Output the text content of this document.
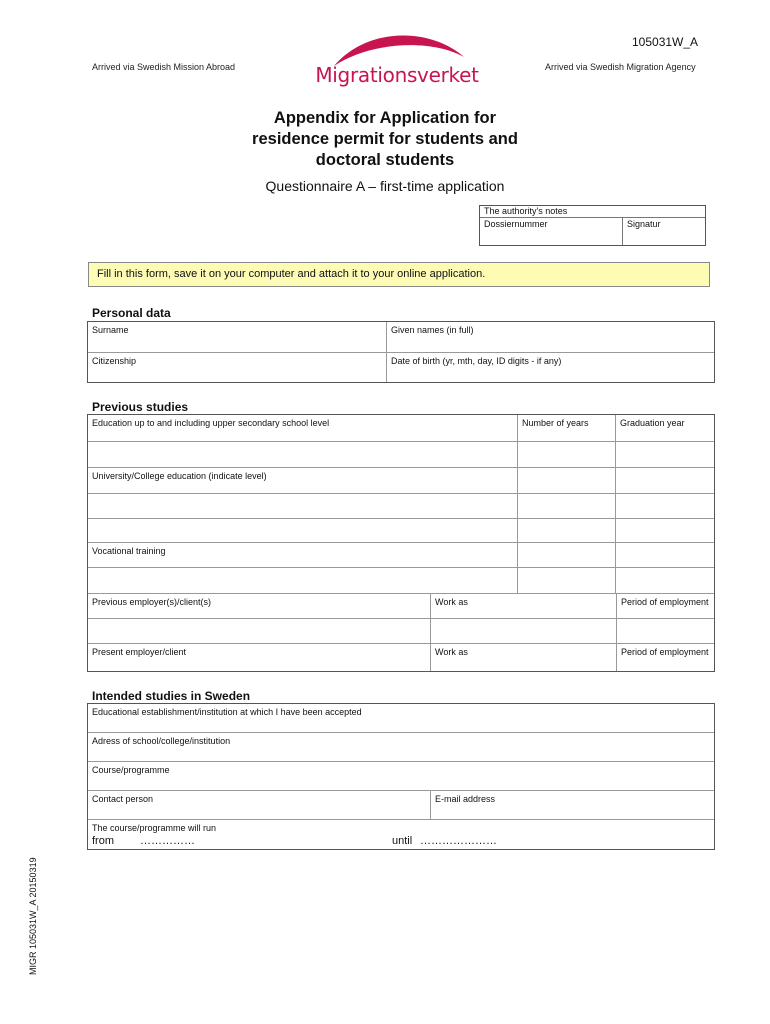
105031W_A
Arrived via Swedish Mission Abroad	Arrived via Swedish Migration Agency
Migrationsverket
Appendix for Application for
residence permit for students and
doctoral students
Questionnaire A – first-time application
The authority's notes
Dossiernummer	Signatur
Fill in this form, save it on your computer and attach it to your online application.
Personal data
Surname	Given names (in full)
Citizenship	Date of birth (yr, mth, day, ID digits - if any)
Previous studies
Education up to and including upper secondary school level	Number of years	Graduation year
University/College education (indicate level)
Vocational training
Previous employer(s)/client(s)	Work as	Period of employment
Present employer/client	Work as	Period of employment
Intended studies in Sweden
Educational establishment/institution at which I have been accepted
Adress of school/college/institution
Course/programme
Contact person	E-mail address
The course/programme will run
from ……………	until …………………
MIGR 105031W_A 20150319
